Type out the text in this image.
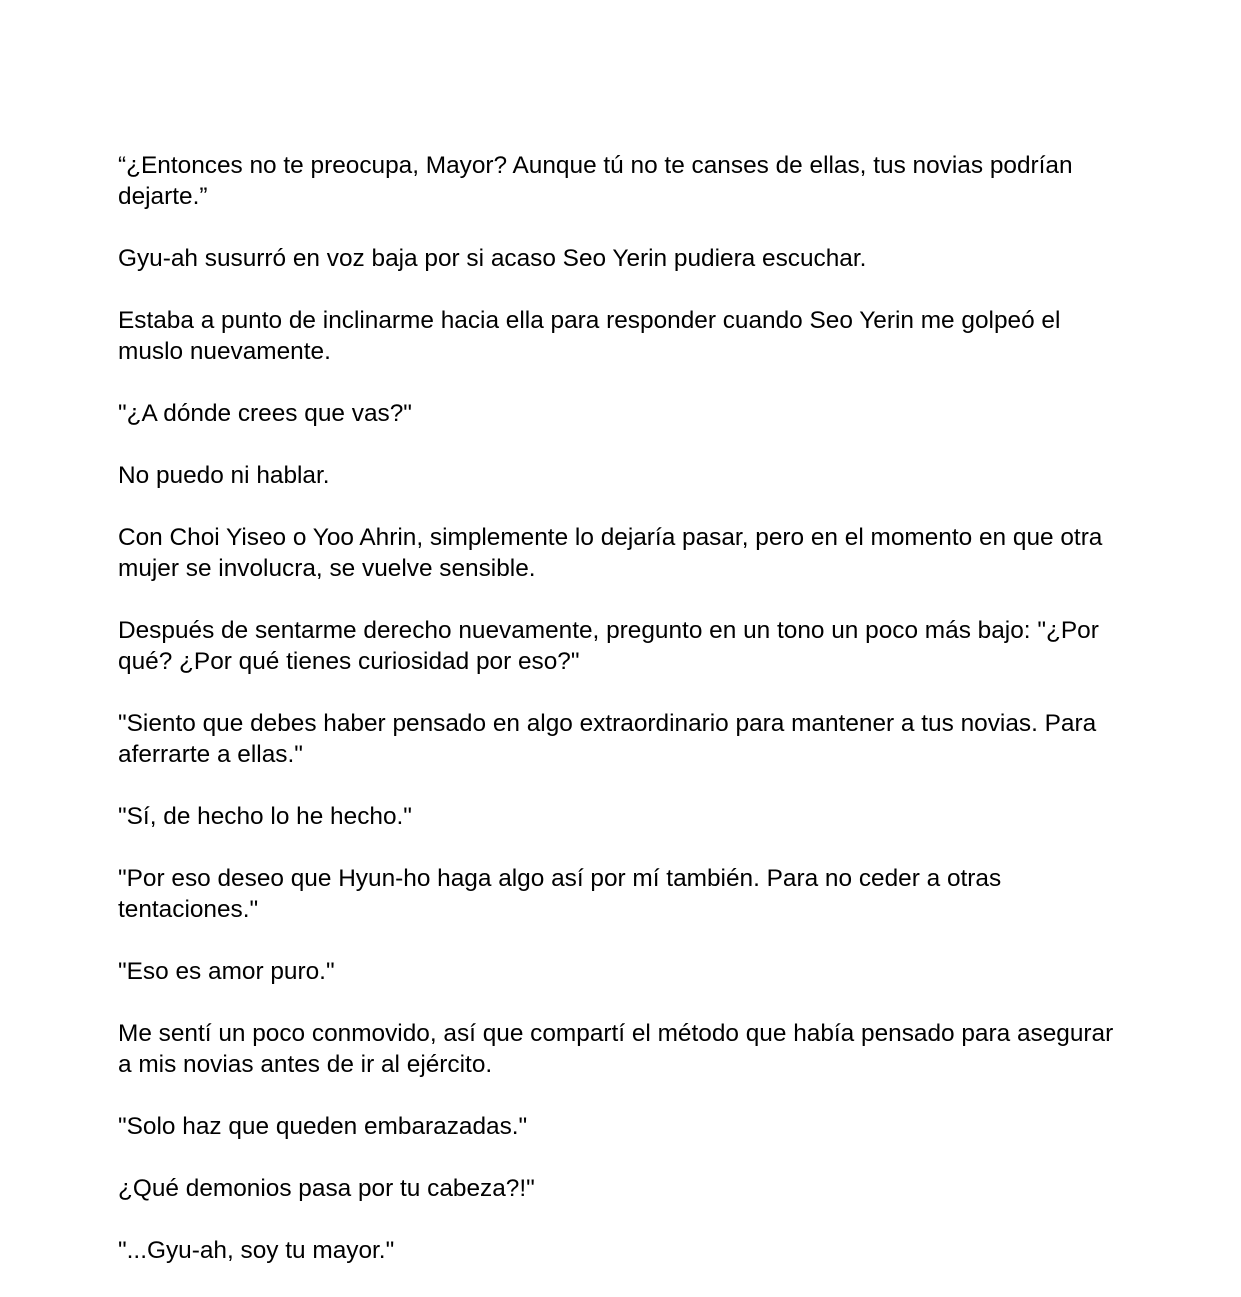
“¿Entonces no te preocupa, Mayor? Aunque tú no te canses de ellas, tus novias podrían dejarte.”

Gyu-ah susurró en voz baja por si acaso Seo Yerin pudiera escuchar.

Estaba a punto de inclinarme hacia ella para responder cuando Seo Yerin me golpeó el muslo nuevamente.

"¿A dónde crees que vas?"

No puedo ni hablar.

Con Choi Yiseo o Yoo Ahrin, simplemente lo dejaría pasar, pero en el momento en que otra mujer se involucra, se vuelve sensible.

Después de sentarme derecho nuevamente, pregunto en un tono un poco más bajo: "¿Por qué? ¿Por qué tienes curiosidad por eso?"

"Siento que debes haber pensado en algo extraordinario para mantener a tus novias. Para aferrarte a ellas."

"Sí, de hecho lo he hecho."

"Por eso deseo que Hyun-ho haga algo así por mí también. Para no ceder a otras tentaciones."

"Eso es amor puro."

Me sentí un poco conmovido, así que compartí el método que había pensado para asegurar a mis novias antes de ir al ejército.

"Solo haz que queden embarazadas."

¿Qué demonios pasa por tu cabeza?!"

"...Gyu-ah, soy tu mayor."
